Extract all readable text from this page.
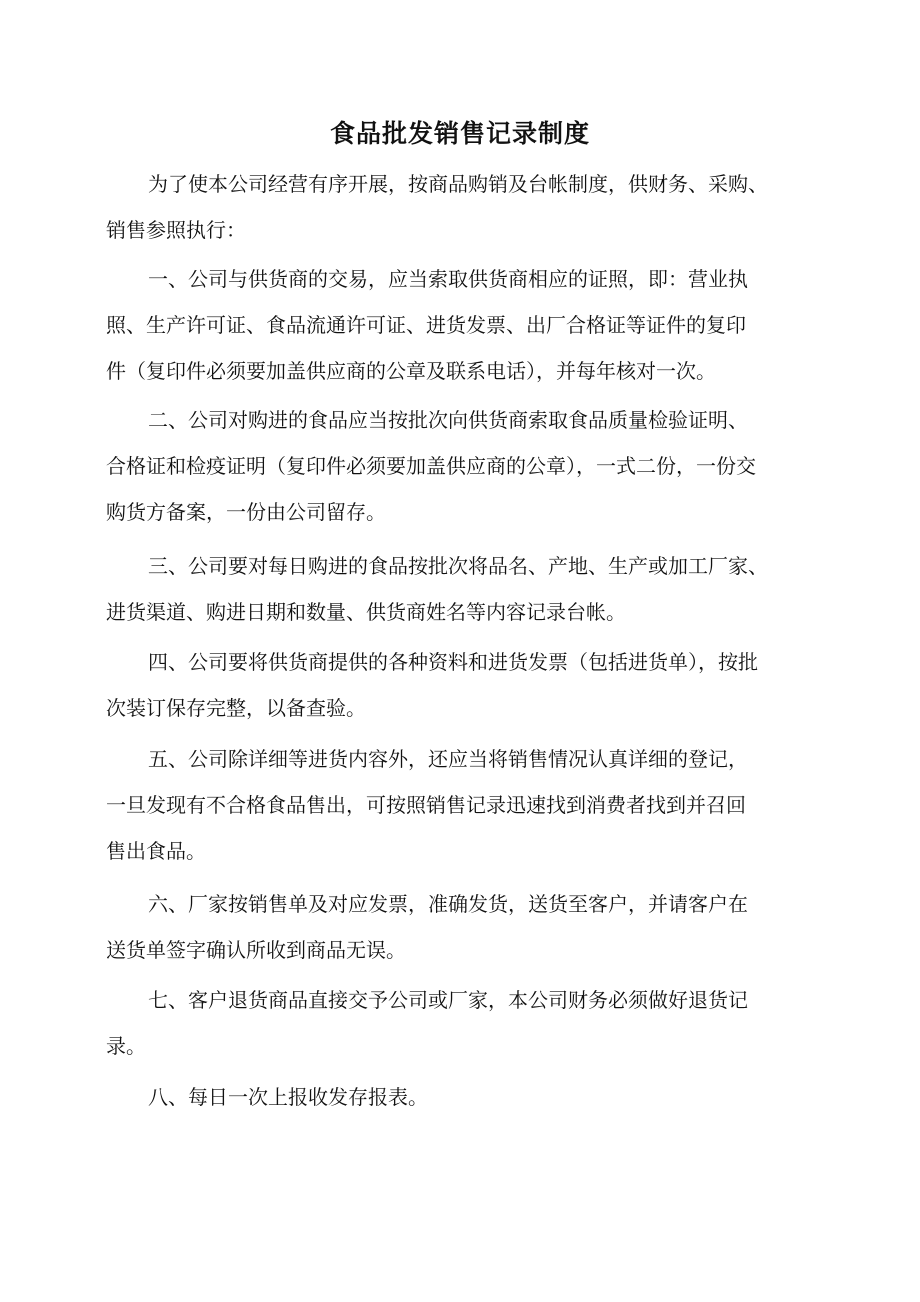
食品批发销售记录制度
为了使本公司经营有序开展，按商品购销及台帐制度，供财务、采购、
销售参照执行：
一、公司与供货商的交易，应当索取供货商相应的证照，即：营业执
照、生产许可证、食品流通许可证、进货发票、出厂合格证等证件的复印
件（复印件必须要加盖供应商的公章及联系电话），并每年核对一次。
二、公司对购进的食品应当按批次向供货商索取食品质量检验证明、
合格证和检疫证明（复印件必须要加盖供应商的公章），一式二份，一份交
购货方备案，一份由公司留存。
三、公司要对每日购进的食品按批次将品名、产地、生产或加工厂家、
进货渠道、购进日期和数量、供货商姓名等内容记录台帐。
四、公司要将供货商提供的各种资料和进货发票（包括进货单），按批
次装订保存完整，以备查验。
五、公司除详细等进货内容外，还应当将销售情况认真详细的登记，
一旦发现有不合格食品售出，可按照销售记录迅速找到消费者找到并召回
售出食品。
六、厂家按销售单及对应发票，准确发货，送货至客户，并请客户在
送货单签字确认所收到商品无误。
七、客户退货商品直接交予公司或厂家，本公司财务必须做好退货记
录。
八、每日一次上报收发存报表。
